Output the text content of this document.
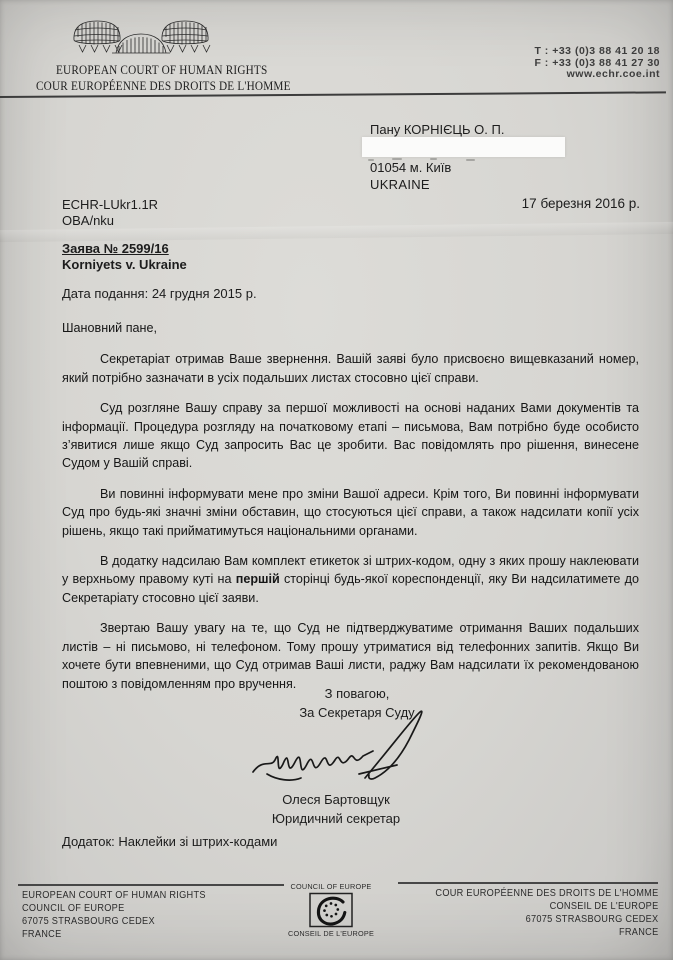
EUROPEAN COURT OF HUMAN RIGHTS
COUR EUROPÉENNE DES DROITS DE L'HOMME
T : +33 (0)3 88 41 20 18
F : +33 (0)3 88 41 27 30
www.echr.coe.int
Пану КОРНІЄЦЬ О. П.
01054 м. Київ
UKRAINE
17 березня 2016 р.
ECHR-LUkr1.1R
OBA/nku
Заява № 2599/16
Korniyets v. Ukraine
Дата подання: 24 грудня 2015 р.
Шановний пане,

Секретаріат отримав Ваше звернення. Вашій заяві було присвоєно вищевказаний номер, який потрібно зазначати в усіх подальших листах стосовно цієї справи.

Суд розгляне Вашу справу за першої можливості на основі наданих Вами документів та інформації. Процедура розгляду на початковому етапі – письмова, Вам потрібно буде особисто з’явитися лише якщо Суд запросить Вас це зробити. Вас повідомлять про рішення, винесене Судом у Вашій справі.

Ви повинні інформувати мене про зміни Вашої адреси. Крім того, Ви повинні інформувати Суд про будь-які значні зміни обставин, що стосуються цієї справи, а також надсилати копії усіх рішень, якщо такі прийматимуться національними органами.

В додатку надсилаю Вам комплект етикеток зі штрих-кодом, одну з яких прошу наклеювати у верхньому правому куті на першій сторінці будь-якої кореспонденції, яку Ви надсилатимете до Секретаріату стосовно цієї заяви.

Звертаю Вашу увагу на те, що Суд не підтверджуватиме отримання Ваших подальших листів – ні письмово, ні телефоном. Тому прошу утриматися від телефонних запитів. Якщо Ви хочете бути впевненими, що Суд отримав Ваші листи, раджу Вам надсилати їх рекомендованою поштою з повідомленням про вручення.

З повагою,
За Секретаря Суду
Олеся Бартовщук
Юридичний секретар
Додаток: Наклейки зі штрих-кодами
EUROPEAN COURT OF HUMAN RIGHTS
COUNCIL OF EUROPE
67075 STRASBOURG CEDEX
FRANCE
COUNCIL OF EUROPE
CONSEIL DE L'EUROPE
COUR EUROPÉENNE DES DROITS DE L'HOMME
CONSEIL DE L'EUROPE
67075 STRASBOURG CEDEX
FRANCE
